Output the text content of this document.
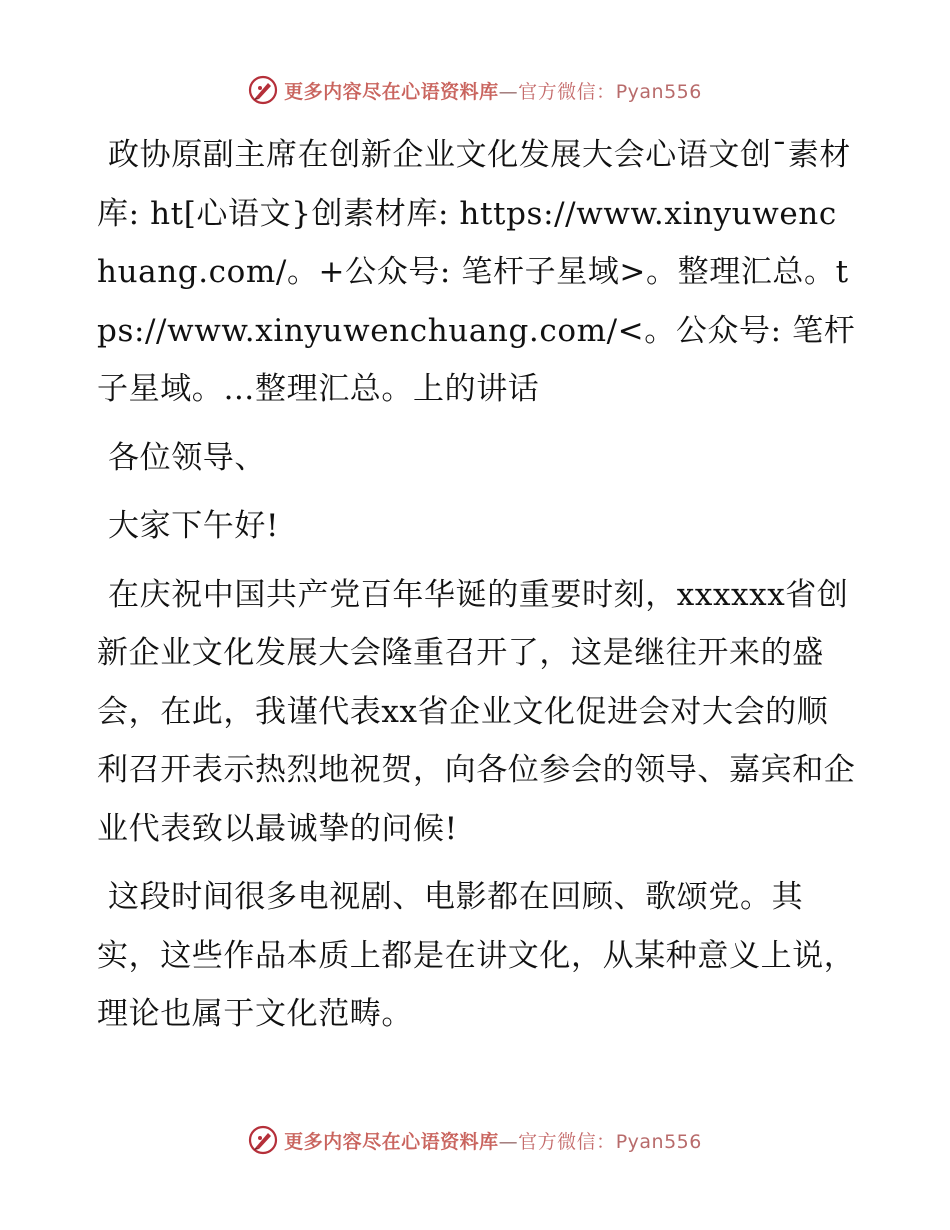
更多内容尽在心语资料库—官方微信：Pyan556

政协原副主席在创新企业文化发展大会心语文创¯素材库: ht[心语文}创素材库: https://www.xinyuwenchuang.com/。+公众号: 笔杆子星域>。整理汇总。tps://www.xinyuwenchuang.com/<。公众号: 笔杆子星域。…整理汇总。上的讲话

各位领导、

大家下午好!

在庆祝中国共产党百年华诞的重要时刻，xxxxxx省创新企业文化发展大会隆重召开了，这是继往开来的盛会，在此，我谨代表xx省企业文化促进会对大会的顺利召开表示热烈地祝贺，向各位参会的领导、嘉宾和企业代表致以最诚挚的问候!

这段时间很多电视剧、电影都在回顾、歌颂党。其实，这些作品本质上都是在讲文化，从某种意义上说，理论也属于文化范畴。

更多内容尽在心语资料库—官方微信：Pyan556
